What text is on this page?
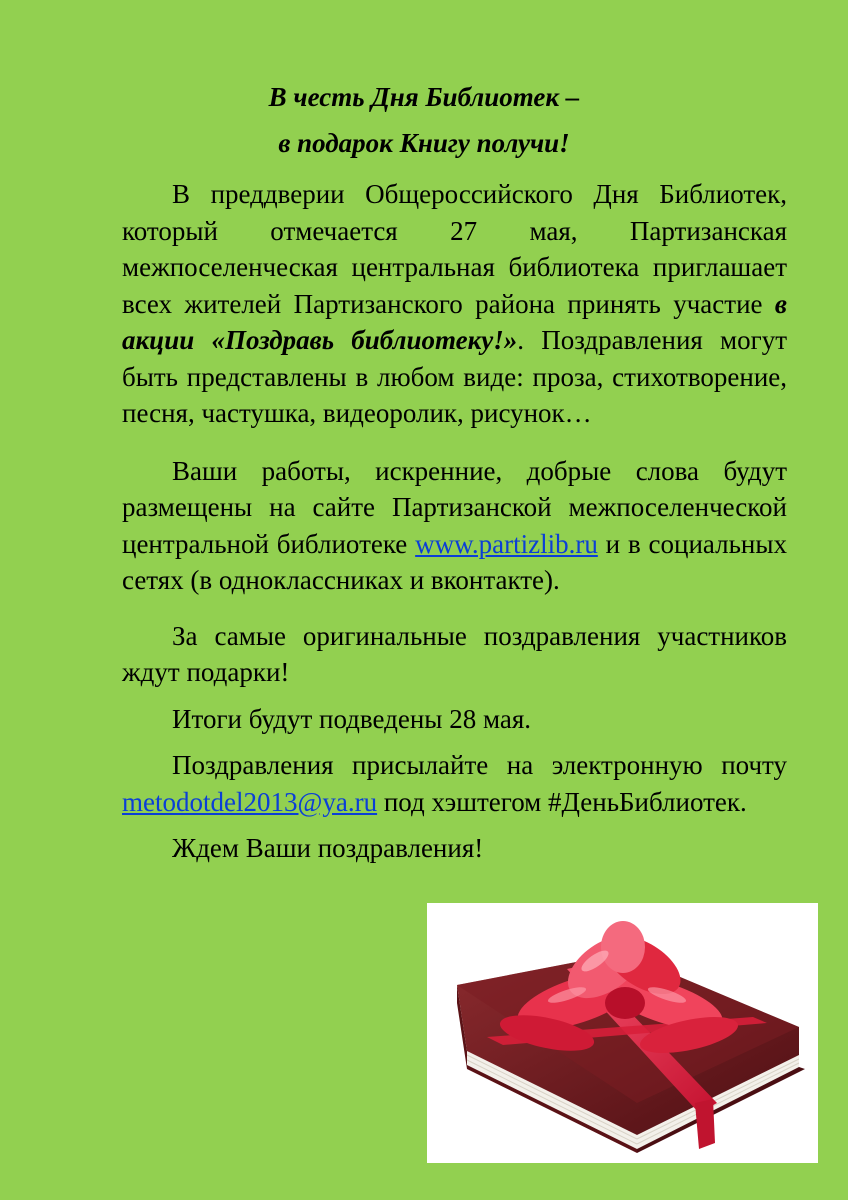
В честь Дня Библиотек –

в подарок Книгу получи!

В преддверии Общероссийского Дня Библиотек, который отмечается 27 мая, Партизанская межпоселенческая центральная библиотека приглашает всех жителей Партизанского района принять участие в акции «Поздравь библиотеку!». Поздравления могут быть представлены в любом виде: проза, стихотворение, песня, частушка, видеоролик, рисунок…

Ваши работы, искренние, добрые слова будут размещены на сайте Партизанской межпоселенческой центральной библиотеке www.partizlib.ru и в социальных сетях (в одноклассниках и вконтакте).

За самые оригинальные поздравления участников ждут подарки!

Итоги будут подведены 28 мая.

Поздравления присылайте на электронную почту metodotdel2013@ya.ru под хэштегом #ДеньБиблиотек.

Ждем Ваши поздравления!
